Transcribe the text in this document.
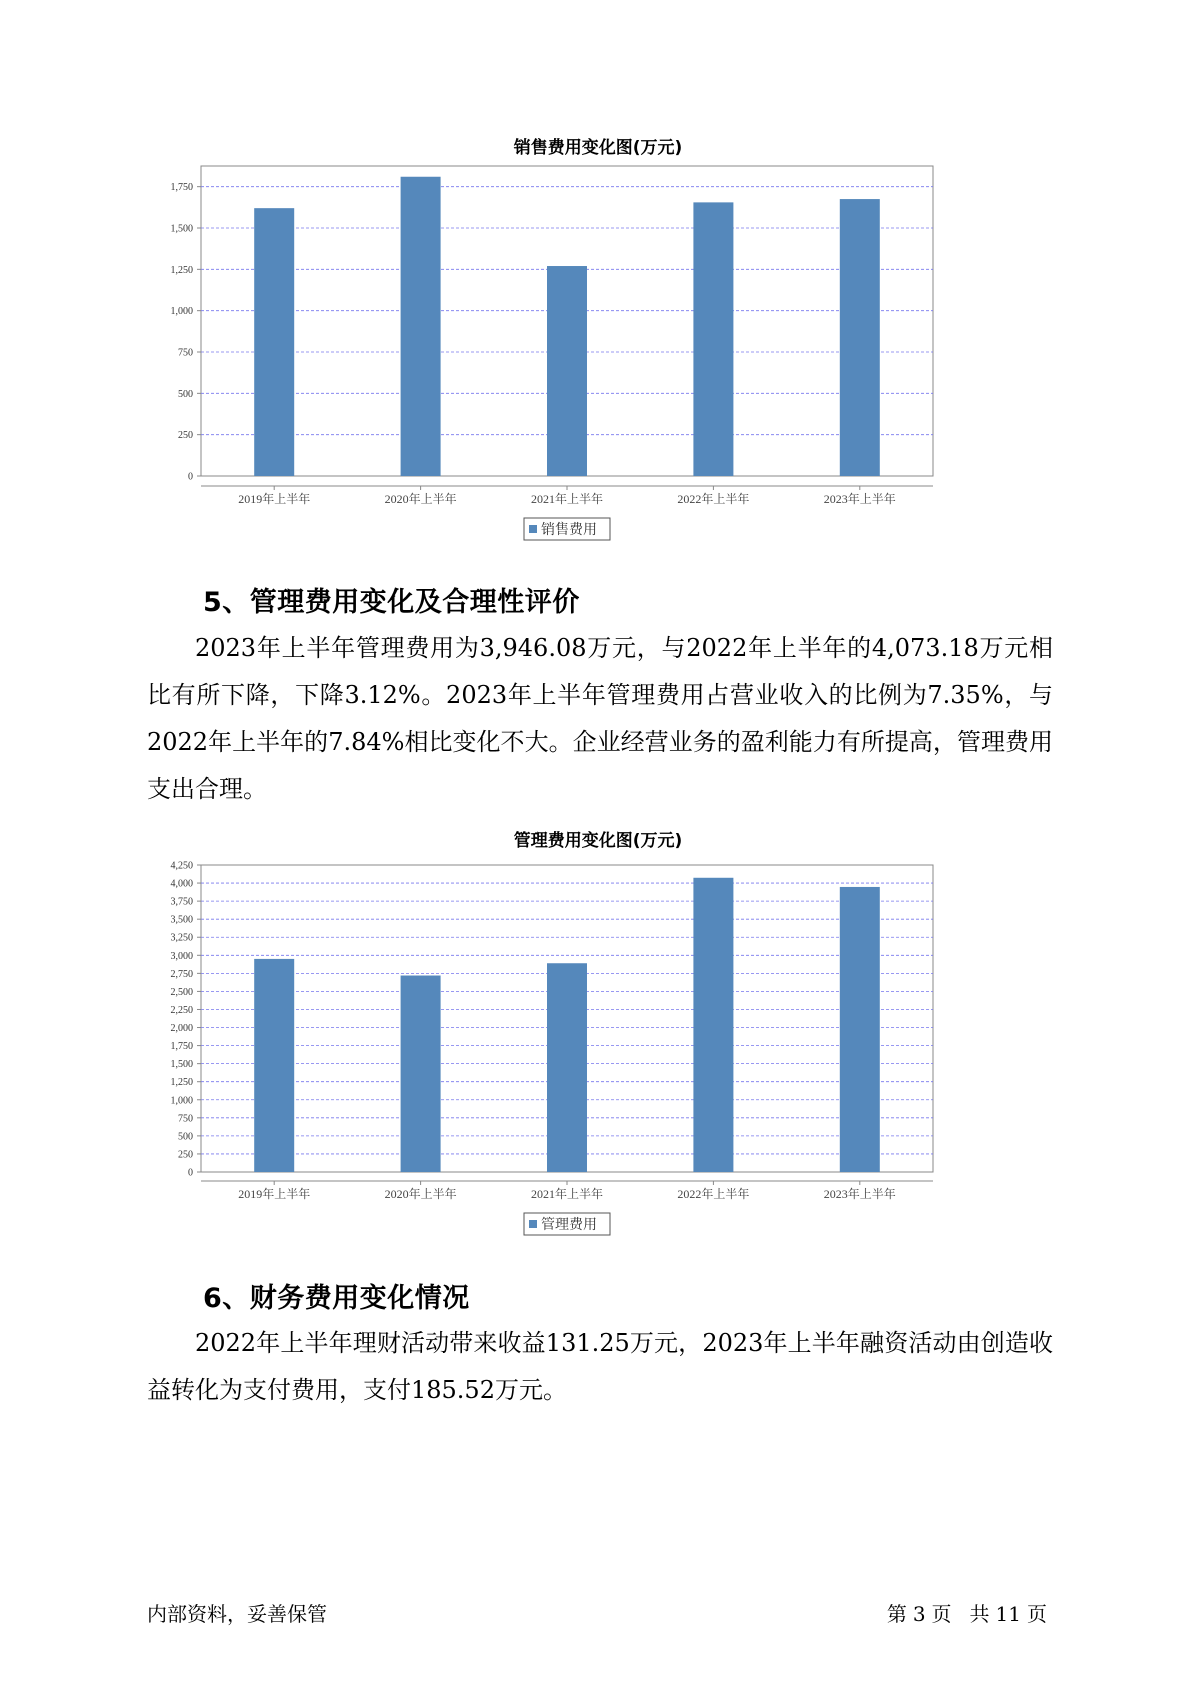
销售费用变化图(万元)
0
250
500
750
1,000
1,250
1,500
1,750
2019年上半年	2020年上半年	2021年上半年	2022年上半年	2023年上半年
销售费用
5、管理费用变化及合理性评价

2023年上半年管理费用为3,946.08万元，与2022年上半年的4,073.18万元相比有所下降，下降3.12%。2023年上半年管理费用占营业收入的比例为7.35%，与2022年上半年的7.84%相比变化不大。企业经营业务的盈利能力有所提高，管理费用支出合理。

管理费用变化图(万元)
0
250
500
750
1,000
1,250
1,500
1,750
2,000
2,250
2,500
2,750
3,000
3,250
3,500
3,750
4,000
4,250
2019年上半年	2020年上半年	2021年上半年	2022年上半年	2023年上半年
管理费用
6、财务费用变化情况

2022年上半年理财活动带来收益131.25万元，2023年上半年融资活动由创造收益转化为支付费用，支付185.52万元。

内部资料，妥善保管	第 3 页 共 11 页
